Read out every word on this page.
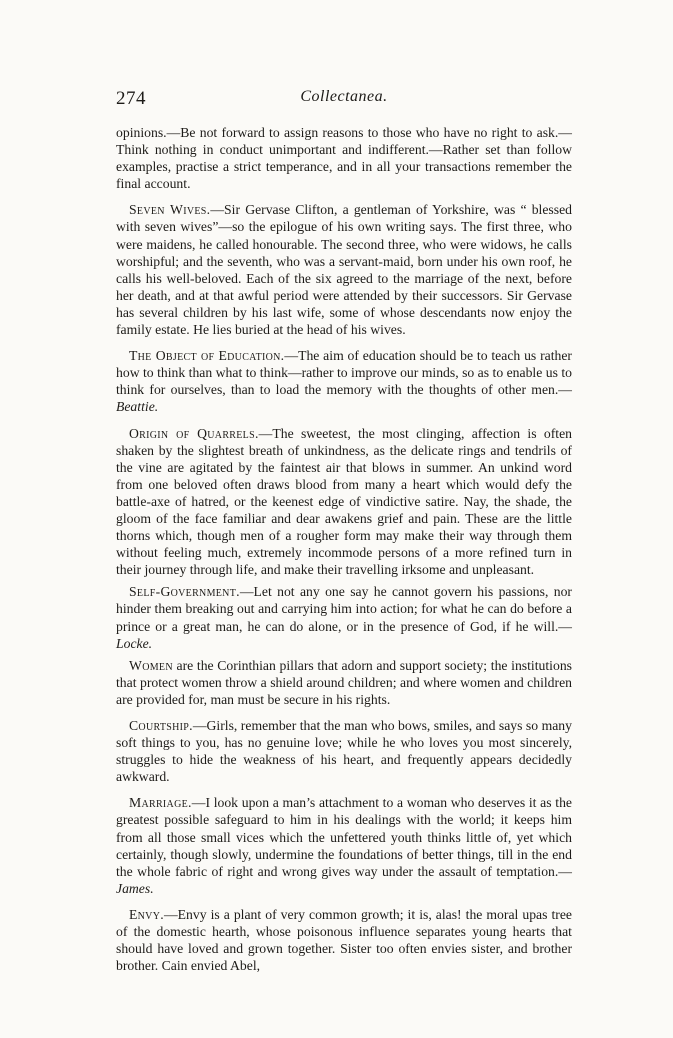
274	Collectanea.

opinions.—Be not forward to assign reasons to those who have no right to ask.—Think nothing in conduct unimportant and indifferent.—Rather set than follow examples, practise a strict temperance, and in all your transactions remember the final account.

Seven Wives.—Sir Gervase Clifton, a gentleman of Yorkshire, was “ blessed with seven wives”—so the epilogue of his own writing says. The first three, who were maidens, he called honourable. The second three, who were widows, he calls worshipful; and the seventh, who was a servant-maid, born under his own roof, he calls his well-beloved. Each of the six agreed to the marriage of the next, before her death, and at that awful period were attended by their successors. Sir Gervase has several children by his last wife, some of whose descendants now enjoy the family estate. He lies buried at the head of his wives.

The Object of Education.—The aim of education should be to teach us rather how to think than what to think—rather to improve our minds, so as to enable us to think for ourselves, than to load the memory with the thoughts of other men.—Beattie.

Origin of Quarrels.—The sweetest, the most clinging, affection is often shaken by the slightest breath of unkindness, as the delicate rings and tendrils of the vine are agitated by the faintest air that blows in summer. An unkind word from one beloved often draws blood from many a heart which would defy the battle-axe of hatred, or the keenest edge of vindictive satire. Nay, the shade, the gloom of the face familiar and dear awakens grief and pain. These are the little thorns which, though men of a rougher form may make their way through them without feeling much, extremely incommode persons of a more refined turn in their journey through life, and make their travelling irksome and unpleasant.

Self-Government.—Let not any one say he cannot govern his passions, nor hinder them breaking out and carrying him into action; for what he can do before a prince or a great man, he can do alone, or in the presence of God, if he will.—Locke.

Women are the Corinthian pillars that adorn and support society; the institutions that protect women throw a shield around children; and where women and children are provided for, man must be secure in his rights.

Courtship.—Girls, remember that the man who bows, smiles, and says so many soft things to you, has no genuine love; while he who loves you most sincerely, struggles to hide the weakness of his heart, and frequently appears decidedly awkward.

Marriage.—I look upon a man’s attachment to a woman who deserves it as the greatest possible safeguard to him in his dealings with the world; it keeps him from all those small vices which the unfettered youth thinks little of, yet which certainly, though slowly, undermine the foundations of better things, till in the end the whole fabric of right and wrong gives way under the assault of temptation.—James.

Envy.—Envy is a plant of very common growth; it is, alas! the moral upas tree of the domestic hearth, whose poisonous influence separates young hearts that should have loved and grown together. Sister too often envies sister, and brother brother. Cain envied Abel,
